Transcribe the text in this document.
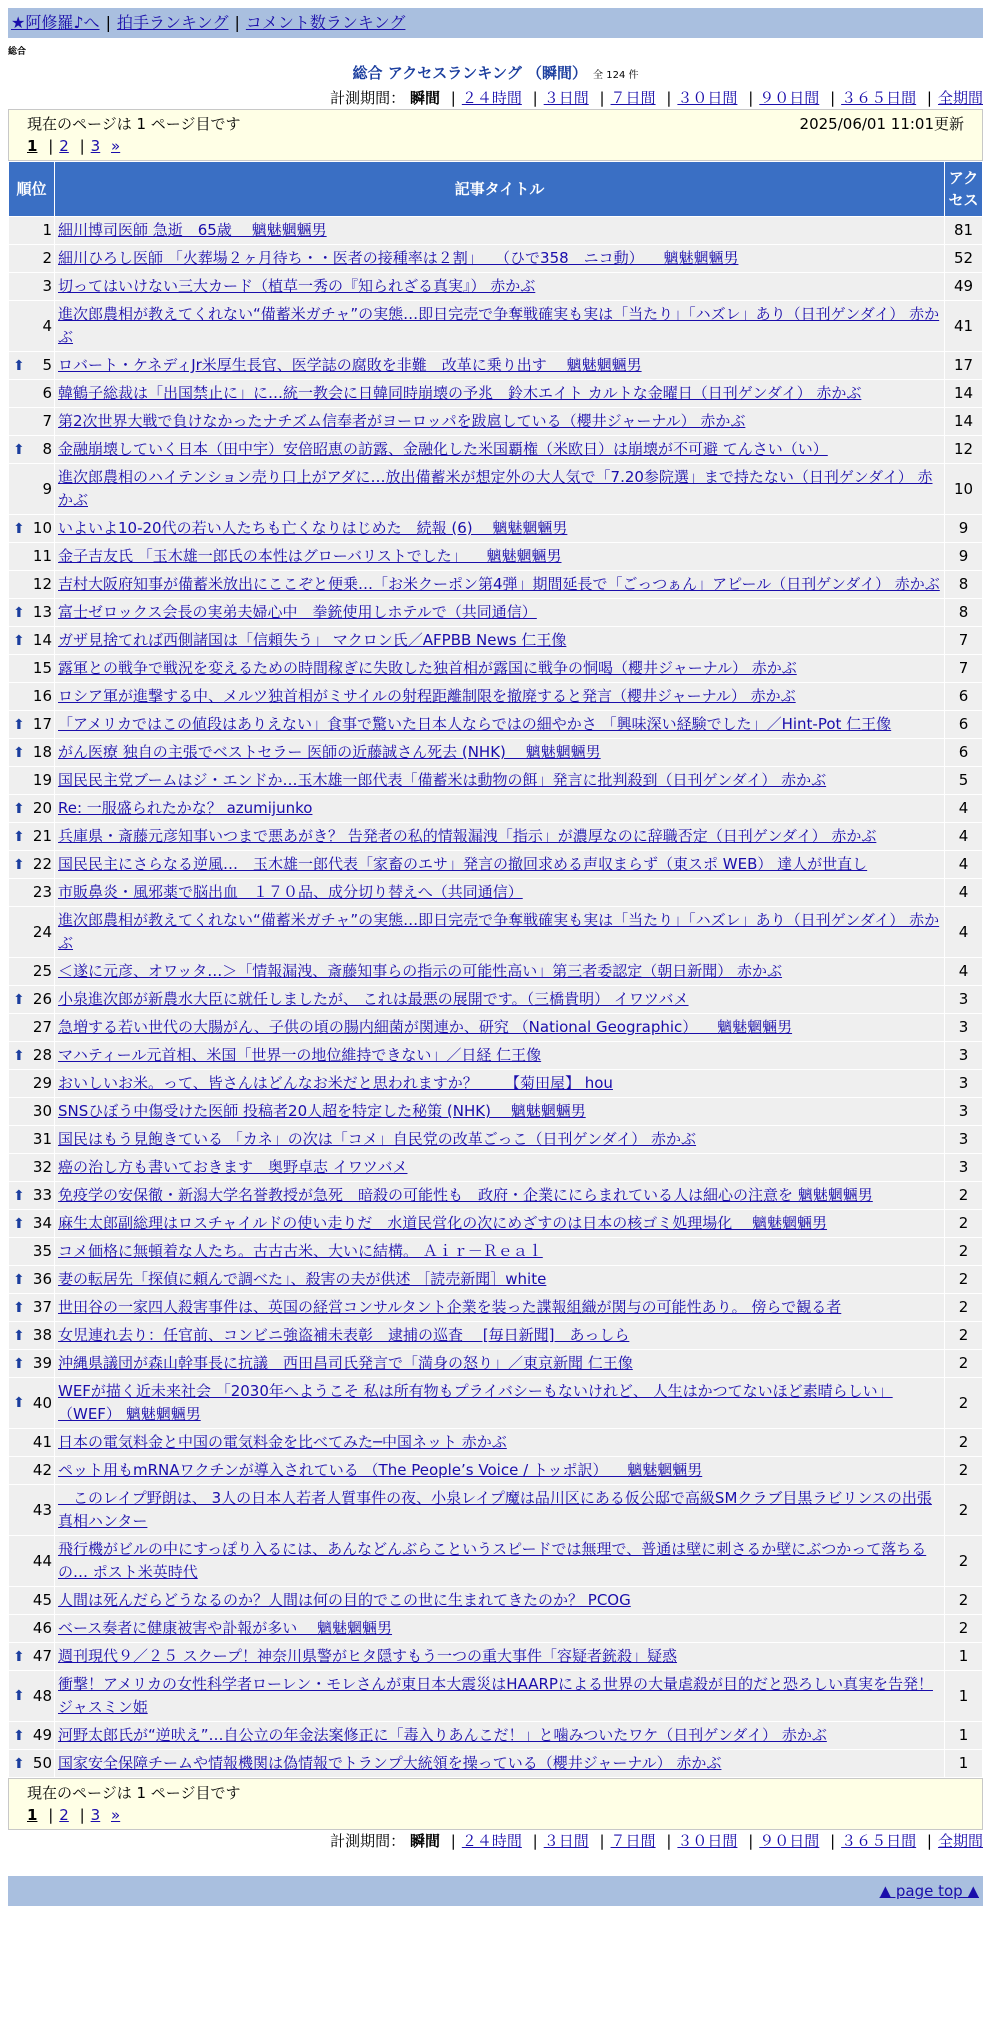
★阿修羅♪へ | 拍手ランキング | コメント数ランキング
総合
総合 アクセスランキング （瞬間） 全 124 件
計測期間： 瞬間 | ２４時間 | ３日間 | ７日間 | ３０日間 | ９０日間 | ３６５日間 | 全期間
現在のページは 1 ページ目です	2025/06/01 11:01更新
1 | 2 | 3 »
順位	記事タイトル	アクセス
1	細川博司医師 急逝　65歳　 魑魅魍魎男	81
2	細川ひろし医師 「火葬場２ヶ月待ち・・医者の接種率は２割」 　（ひで358　ニコ動） 　魑魅魍魎男	52
3	切ってはいけない三大カード（植草一秀の『知られざる真実』） 赤かぶ	49
4	進次郎農相が教えてくれない“備蓄米ガチャ”の実態…即日完売で争奪戦確実も実は「当たり」「ハズレ」あり（日刊ゲンダイ） 赤かぶ	41

⬆ 5	ロバート・ケネディJr米厚生長官、医学誌の腐敗を非難　改革に乗り出す　 魑魅魍魎男	17
6	韓鶴子総裁は「出国禁止に」に…統一教会に日韓同時崩壊の予兆　鈴木エイト カルトな金曜日（日刊ゲンダイ） 赤かぶ	14
7	第2次世界大戦で負けなかったナチズム信奉者がヨーロッパを跋扈している（櫻井ジャーナル） 赤かぶ	14

⬆ 8	金融崩壊していく日本（田中宇）安倍昭恵の訪露、金融化した米国覇権（米欧日）は崩壊が不可避 てんさい（い）	12
9	進次郎農相のハイテンション売り口上がアダに…放出備蓄米が想定外の大人気で「7.20参院選」まで持たない（日刊ゲンダイ） 赤かぶ	10

⬆ 10	いよいよ10-20代の若い人たちも亡くなりはじめた　続報 (6) 　魑魅魍魎男	9
11	金子吉友氏 「玉木雄一郎氏の本性はグローバリストでした」 　魑魅魍魎男	9
12	吉村大阪府知事が備蓄米放出にここぞと便乗…「お米クーポン第4弾」期間延長で「ごっつぁん」アピール（日刊ゲンダイ） 赤かぶ	8

⬆ 13	富士ゼロックス会長の実弟夫婦心中　拳銃使用しホテルで（共同通信）	8

⬆ 14	ガザ見捨てれば西側諸国は「信頼失う」 マクロン氏／AFPBB News 仁王像	7
15	露軍との戦争で戦況を変えるための時間稼ぎに失敗した独首相が露国に戦争の恫喝（櫻井ジャーナル） 赤かぶ	7
16	ロシア軍が進撃する中、メルツ独首相がミサイルの射程距離制限を撤廃すると発言（櫻井ジャーナル） 赤かぶ	6

⬆ 17	「アメリカではこの値段はありえない」食事で驚いた日本人ならではの細やかさ 「興味深い経験でした」／Hint-Pot 仁王像	6

⬆ 18	がん医療 独自の主張でベストセラー 医師の近藤誠さん死去 (NHK) 　魑魅魍魎男	6
19	国民民主党ブームはジ・エンドか…玉木雄一郎代表「備蓄米は動物の餌」発言に批判殺到（日刊ゲンダイ） 赤かぶ	5

⬆ 20	Re: 一服盛られたかな？ azumijunko	4

⬆ 21	兵庫県・斎藤元彦知事いつまで悪あがき？ 告発者の私的情報漏洩「指示」が濃厚なのに辞職否定（日刊ゲンダイ） 赤かぶ	4

⬆ 22	国民民主にさらなる逆風…　玉木雄一郎代表「家畜のエサ」発言の撤回求める声収まらず（東スポ WEB） 達人が世直し	4
23	市販鼻炎・風邪薬で脳出血　１７０品、成分切り替えへ（共同通信）	4
24	進次郎農相が教えてくれない“備蓄米ガチャ”の実態…即日完売で争奪戦確実も実は「当たり」「ハズレ」あり（日刊ゲンダイ） 赤かぶ	4
25	＜遂に元彦、オワッタ…＞「情報漏洩、斎藤知事らの指示の可能性高い」第三者委認定（朝日新聞） 赤かぶ	4

⬆ 26	小泉進次郎が新農水大臣に就任しましたが、 これは最悪の展開です。（三橋貴明） イワツバメ	3
27	急増する若い世代の大腸がん、子供の頃の腸内細菌が関連か、研究 （National Geographic） 　魑魅魍魎男	3

⬆ 28	マハティール元首相、米国「世界一の地位維持できない」／日経 仁王像	3
29	おいしいお米。って、皆さんはどんなお米だと思われますか？ 　　【菊田屋】 hou	3
30	SNSひぼう中傷受けた医師 投稿者20人超を特定した秘策 (NHK) 　魑魅魍魎男	3
31	国民はもう見飽きている 「カネ」の次は「コメ」自民党の改革ごっこ（日刊ゲンダイ） 赤かぶ	3
32	癌の治し方も書いておきます　奥野卓志 イワツバメ	3

⬆ 33	免疫学の安保徹・新潟大学名誉教授が急死　暗殺の可能性も　政府・企業ににらまれている人は細心の注意を 魑魅魍魎男	2

⬆ 34	麻生太郎副総理はロスチャイルドの使い走りだ　水道民営化の次にめざすのは日本の核ゴミ処理場化　 魑魅魍魎男	2
35	コメ価格に無頓着な人たち。古古古米、大いに結構。 Ａｉｒ－Ｒｅａｌ	2

⬆ 36	妻の転居先「探偵に頼んで調べた」、殺害の夫が供述 ［読売新聞］white	2

⬆ 37	世田谷の一家四人殺害事件は、英国の経営コンサルタント企業を装った諜報組織が関与の可能性あり。 傍らで観る者	2

⬆ 38	女児連れ去り：任官前、コンビニ強盗補未表彰　逮捕の巡査 　[毎日新聞]　あっしら	2

⬆ 39	沖縄県議団が森山幹事長に抗議　西田昌司氏発言で「満身の怒り」／東京新聞 仁王像	2

⬆ 40	WEFが描く近未来社会 「2030年へようこそ 私は所有物もプライバシーもないけれど、 人生はかつてないほど素晴らしい」 （WEF） 魑魅魍魎男	2
41	日本の電気料金と中国の電気料金を比べてみた─中国ネット 赤かぶ	2
42	ペット用もmRNAワクチンが導入されている （The People’s Voice / トッポ訳） 　魑魅魍魎男	2
43	　このレイプ野朗は、 3人の日本人若者人質事件の夜、小泉レイプ魔は品川区にある仮公邸で高級SMクラブ目黒ラビリンスの出張 真相ハンター	2
44	飛行機がビルの中にすっぽり入るには、あんなどんぶらこというスピードでは無理で、普通は壁に刺さるか壁にぶつかって落ちるの… ポスト米英時代	2
45	人間は死んだらどうなるのか？人間は何の目的でこの世に生まれてきたのか？ PCOG	2
46	ベース奏者に健康被害や訃報が多い　 魑魅魍魎男	2

⬆ 47	週刊現代９／２５ スクープ！神奈川県警がヒタ隠すもう一つの重大事件「容疑者銃殺」疑惑	1

⬆ 48	衝撃！アメリカの女性科学者ローレン・モレさんが東日本大震災はHAARPによる世界の大量虐殺が目的だと恐ろしい真実を告発！ ジャスミン姫	1

⬆ 49	河野太郎氏が“逆吠え”…自公立の年金法案修正に「毒入りあんこだ！」と噛みついたワケ（日刊ゲンダイ） 赤かぶ	1

⬆ 50	国家安全保障チームや情報機関は偽情報でトランプ大統領を操っている（櫻井ジャーナル） 赤かぶ	1
現在のページは 1 ページ目です
1 | 2 | 3 »
計測期間： 瞬間 | ２４時間 | ３日間 | ７日間 | ３０日間 | ９０日間 | ３６５日間 | 全期間
▲ page top ▲
